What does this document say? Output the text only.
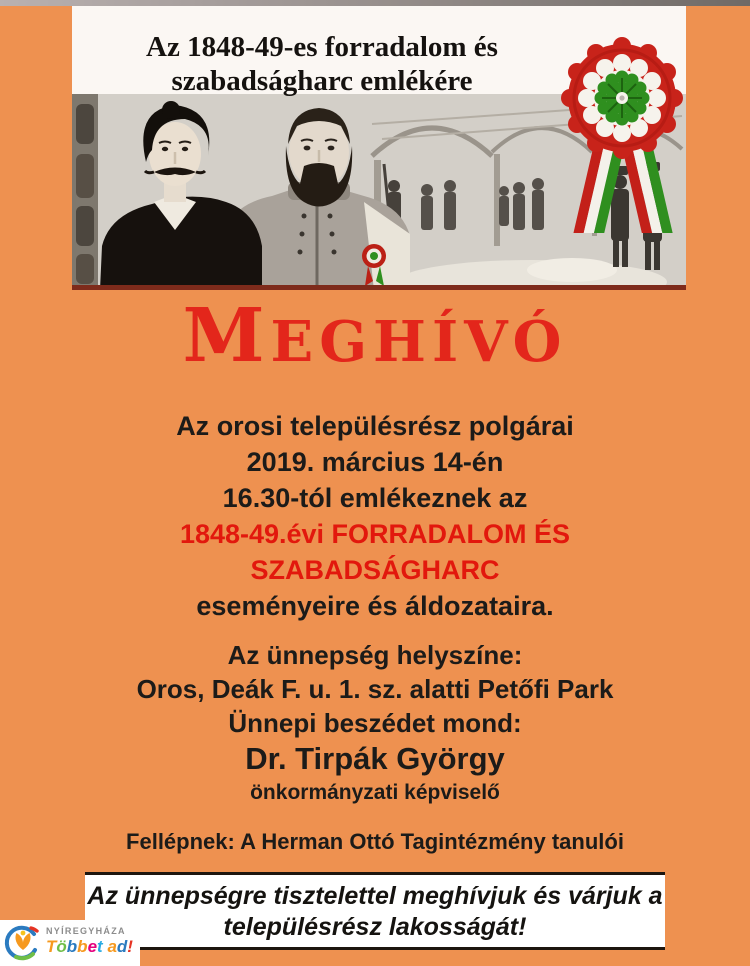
Az 1848-49-es forradalom és szabadságharc emlékére
MEGHÍVÓ
Az orosi településrész polgárai
2019. március 14-én
16.30-tól emlékeznek az
1848-49.évi FORRADALOM ÉS
SZABADSÁGHARC
eseményeire és áldozataira.
Az ünnepség helyszíne:
Oros, Deák F. u. 1. sz. alatti Petőfi Park
Ünnepi beszédet mond:
Dr. Tirpák György
önkormányzati képviselő
Fellépnek: A Herman Ottó Tagintézmény tanulói
Az ünnepségre tisztelettel meghívjuk és várjuk a
településrész lakosságát!
NYÍREGYHÁZA
Többet ad!
